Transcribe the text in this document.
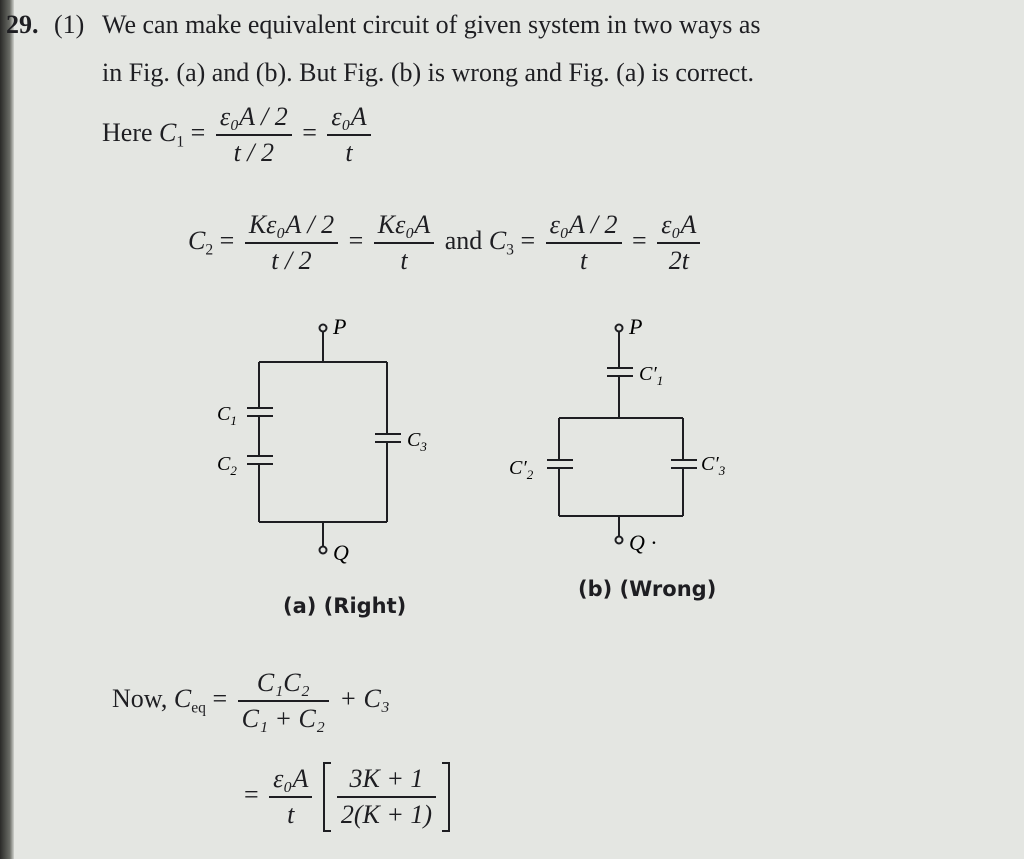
29. (1) We can make equivalent circuit of given system in two ways as
in Fig. (a) and (b). But Fig. (b) is wrong and Fig. (a) is correct.
Here $C_1 = \frac{\text{ε₀A / 2}}{t / 2} = \frac{\text{ε₀A}}{t}$
$C_2 = \frac{\text{Kε₀A / 2}}{t / 2} = \frac{\text{Kε₀A}}{t}$ and $C_3 = \frac{\text{ε₀A / 2}}{t} = \frac{\text{ε₀A}}{2t}$
P
Q
$C_1$
$C_2$
$C_3$
(a) (Right)
P
Q ·
$C'_1$
$C'_2$	$C'_3$
(b) (Wrong)
Now, $C_{eq} = \frac{\text{C₁C₂}}{\text{C₁ + C₂}} + C_3$
= $\frac{\text{ε₀A}}{t}$
$\frac{3K + 1}{2(K + 1)}$
